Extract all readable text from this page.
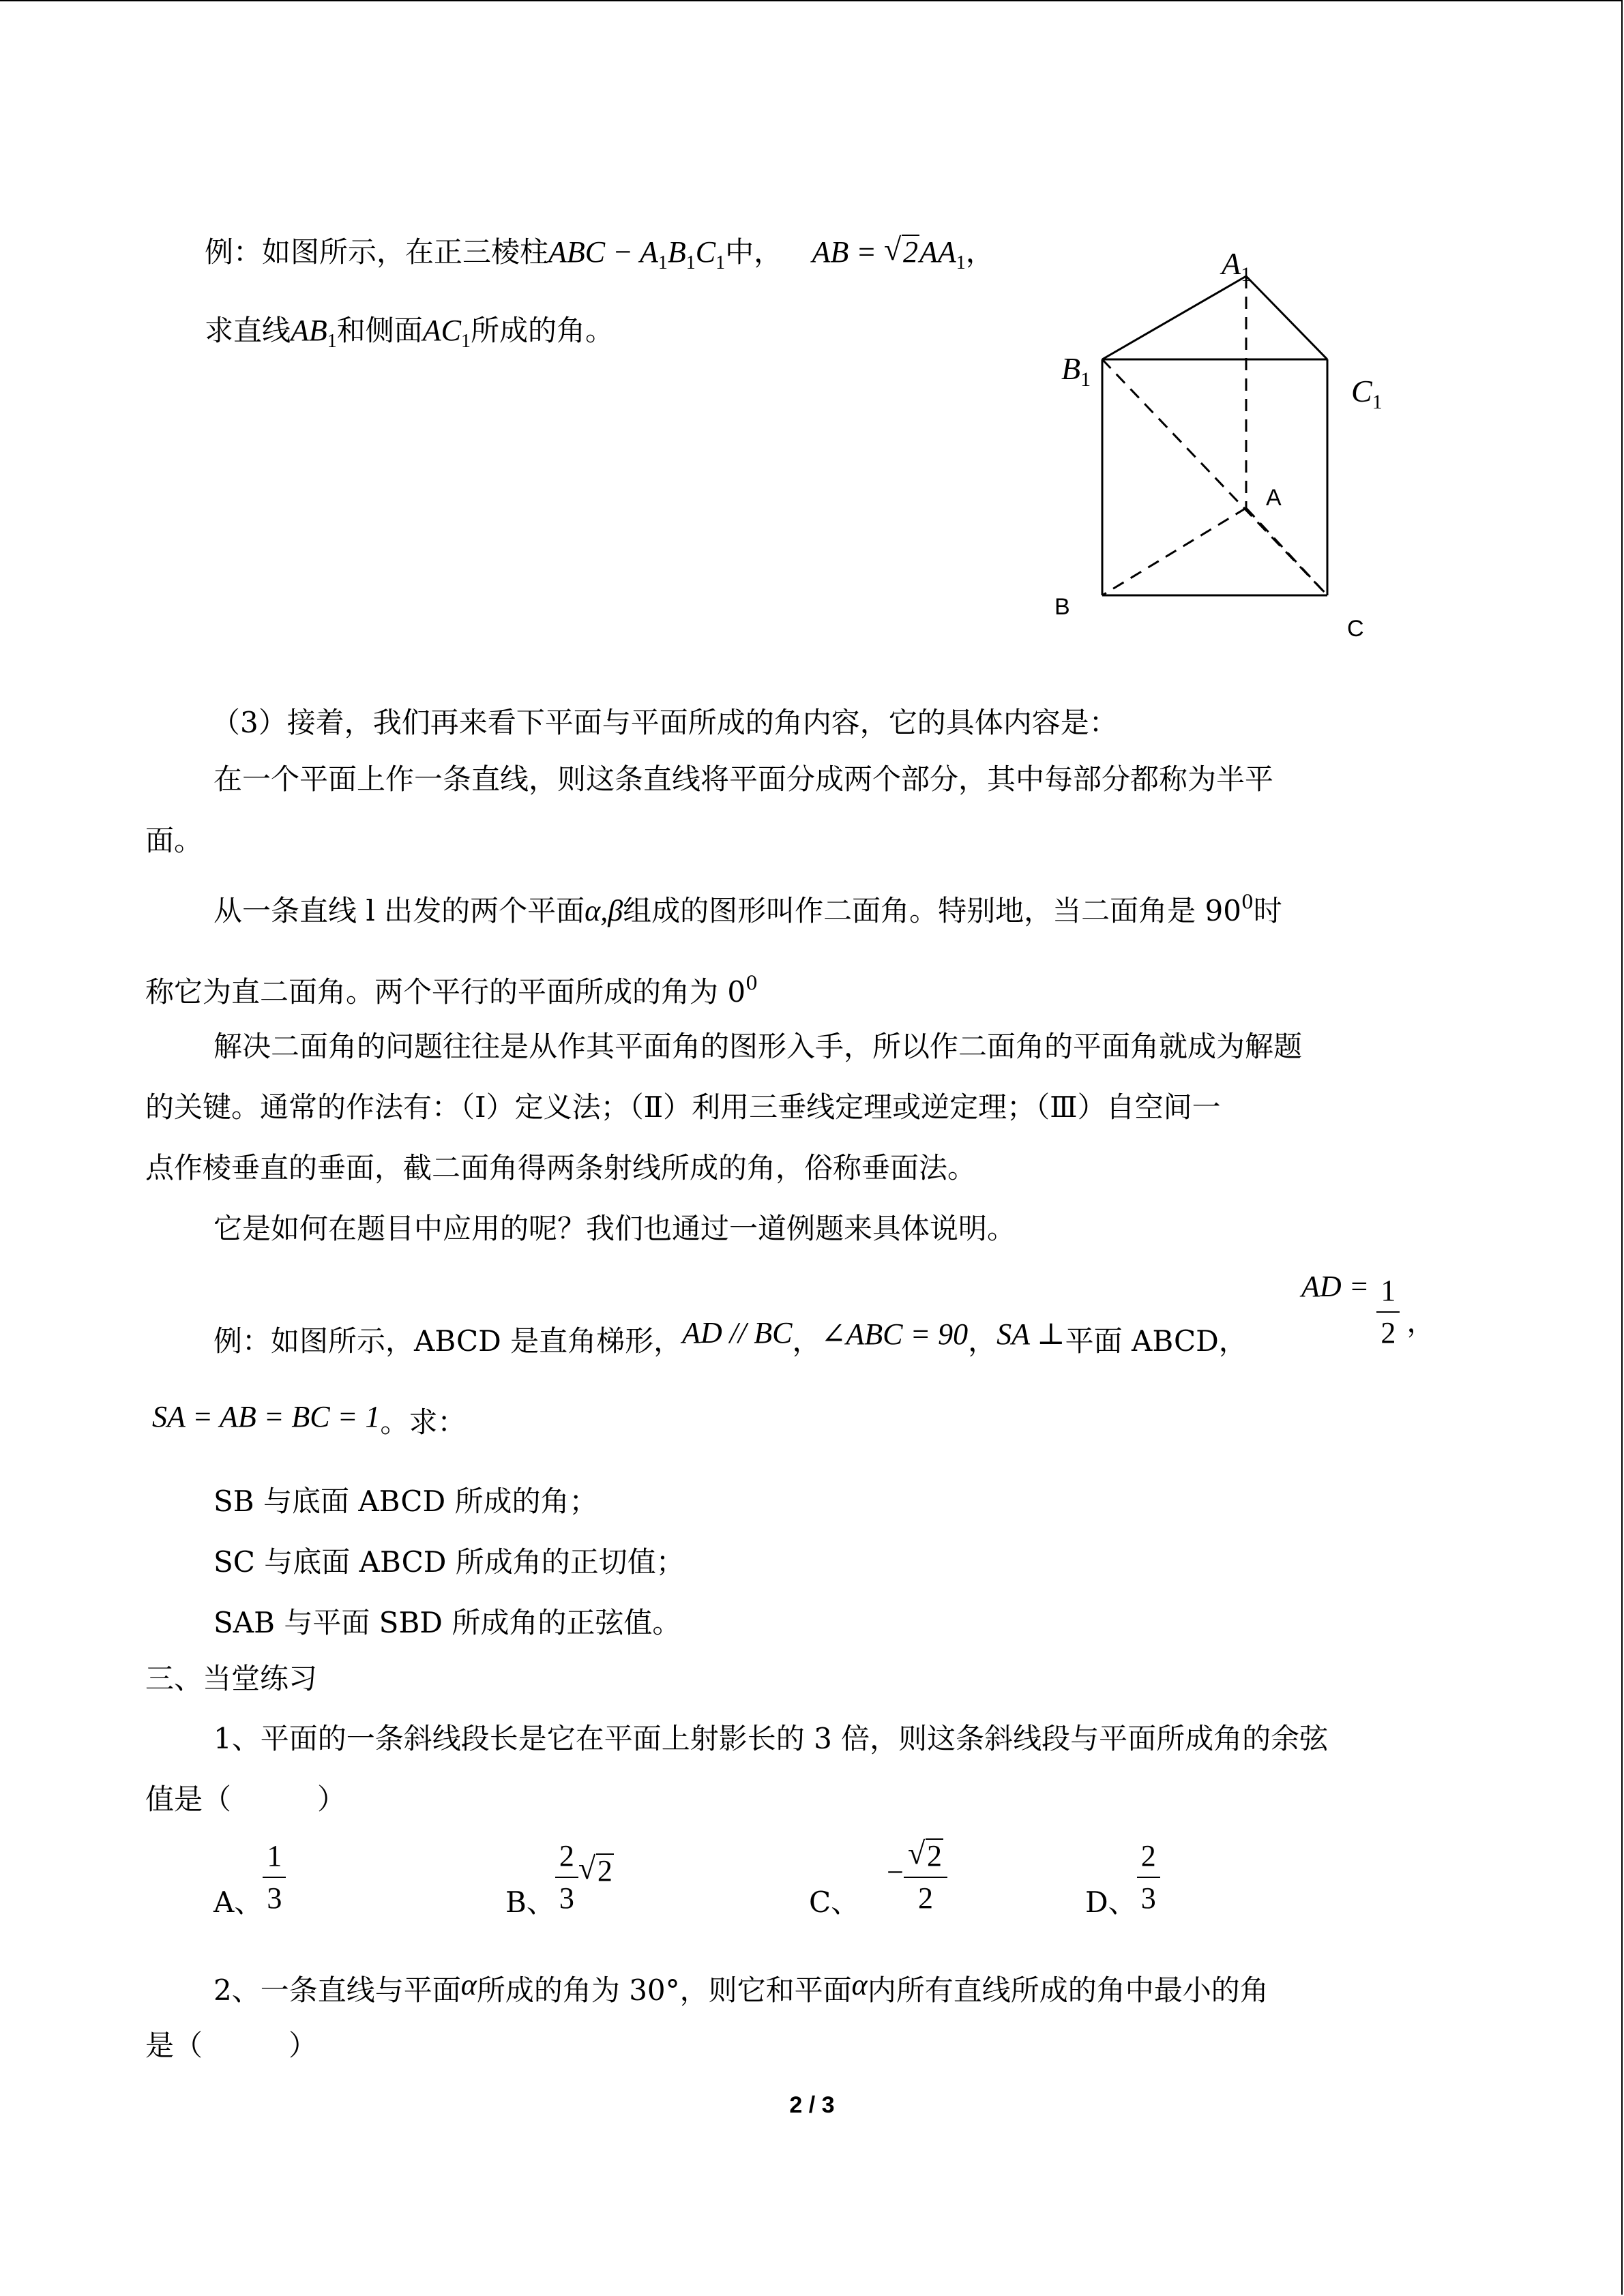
例：如图所示，在正三棱柱ABC − $A_1B_1C_1$中， AB = √ $2AA_1$，
求直线$AB_1$和侧面$AC_1$所成的角。
$A_1$
$B_1$	$C_1$
A
B
C
（3）接着，我们再来看下平面与平面所成的角内容，它的具体内容是：
在一个平面上作一条直线，则这条直线将平面分成两个部分，其中每部分都称为半平
面。
从一条直线 l 出发的两个平面α,β组成的图形叫作二面角。特别地，当二面角是 $90^0$时
称它为直二面角。两个平行的平面所成的角为 $0^0$
解决二面角的问题往往是从作其平面角的图形入手，所以作二面角的平面角就成为解题
的关键。通常的作法有：（Ⅰ）定义法；（Ⅱ）利用三垂线定理或逆定理；（Ⅲ）自空间一
点作棱垂直的垂面，截二面角得两条射线所成的角，俗称垂面法。
它是如何在题目中应用的呢？我们也通过一道例题来具体说明。
例：如图所示，ABCD 是直角梯形，AD // BC，∠ABC = 90，SA ⊥平面 ABCD，
AD = $\frac{1}{2}$ ，
SA = AB = BC = 1。求：
SB 与底面 ABCD 所成的角；
SC 与底面 ABCD 所成角的正切值；
SAB 与平面 SBD 所成角的正弦值。
三、当堂练习
1、平面的一条斜线段长是它在平面上射影长的 3 倍，则这条斜线段与平面所成角的余弦
值是（　　　）
A、 $\frac{1}{3}$	B、 $\frac{2}{3}$ √ 2
C、− $\frac{√ 2}{2}$	D、 $\frac{2}{3}$
2、一条直线与平面α所成的角为 30°，则它和平面α内所有直线所成的角中最小的角
是（　　　）
2 / 3
